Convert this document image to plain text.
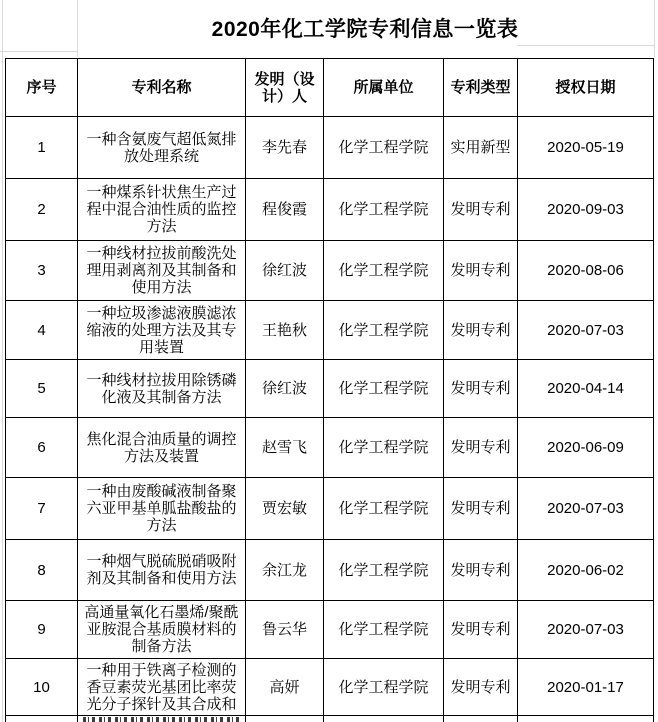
2020年化工学院专利信息一览表
序号	专利名称	发明（设计）人	所属单位	专利类型	授权日期
1	一种含氨废气超低氮排放处理系统	李先春	化学工程学院	实用新型	2020-05-19
2	一种煤系针状焦生产过程中混合油性质的监控方法	程俊霞	化学工程学院	发明专利	2020-09-03
3	一种线材拉拔前酸洗处理用剥离剂及其制备和使用方法	徐红波	化学工程学院	发明专利	2020-08-06
4	一种垃圾渗滤液膜滤浓缩液的处理方法及其专用装置	王艳秋	化学工程学院	发明专利	2020-07-03
5	一种线材拉拔用除锈磷化液及其制备方法	徐红波	化学工程学院	发明专利	2020-04-14
6	焦化混合油质量的调控方法及装置	赵雪飞	化学工程学院	发明专利	2020-06-09
7	一种由废酸碱液制备聚六亚甲基单胍盐酸盐的方法	贾宏敏	化学工程学院	发明专利	2020-07-03
8	一种烟气脱硫脱硝吸附剂及其制备和使用方法	余江龙	化学工程学院	发明专利	2020-06-02
9	高通量氧化石墨烯/聚酰亚胺混合基质膜材料的制备方法	鲁云华	化学工程学院	发明专利	2020-07-03
10	一种用于铁离子检测的香豆素荧光基团比率荧光分子探针及其合成和	高妍	化学工程学院	发明专利	2020-01-17
